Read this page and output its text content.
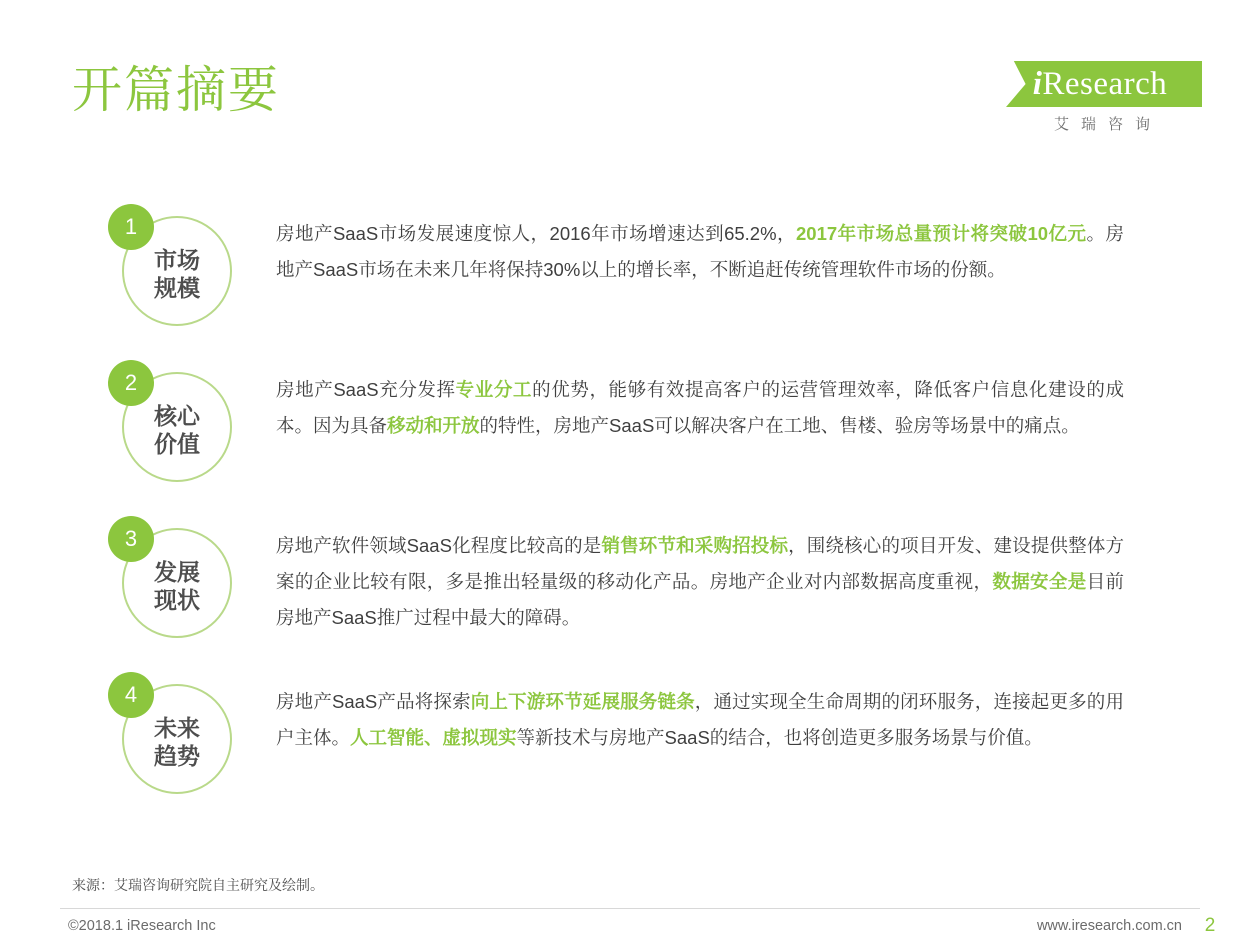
开篇摘要	iResearch
艾瑞咨询
1
市场
规模
房地产SaaS市场发展速度惊人，2016年市场增速达到65.2%，2017年市场总量预计将突破10亿元。房地产SaaS市场在未来几年将保持30%以上的增长率，不断追赶传统管理软件市场的份额。
2
核心
价值
房地产SaaS充分发挥专业分工的优势，能够有效提高客户的运营管理效率，降低客户信息化建设的成本。因为具备移动和开放的特性，房地产SaaS可以解决客户在工地、售楼、验房等场景中的痛点。
3
发展
现状
房地产软件领域SaaS化程度比较高的是销售环节和采购招投标，围绕核心的项目开发、建设提供整体方案的企业比较有限，多是推出轻量级的移动化产品。房地产企业对内部数据高度重视，数据安全是目前房地产SaaS推广过程中最大的障碍。
4
未来
趋势
房地产SaaS产品将探索向上下游环节延展服务链条，通过实现全生命周期的闭环服务，连接起更多的用户主体。人工智能、虚拟现实等新技术与房地产SaaS的结合，也将创造更多服务场景与价值。
来源：艾瑞咨询研究院自主研究及绘制。
©2018.1 iResearch Inc	www.iresearch.com.cn	2
